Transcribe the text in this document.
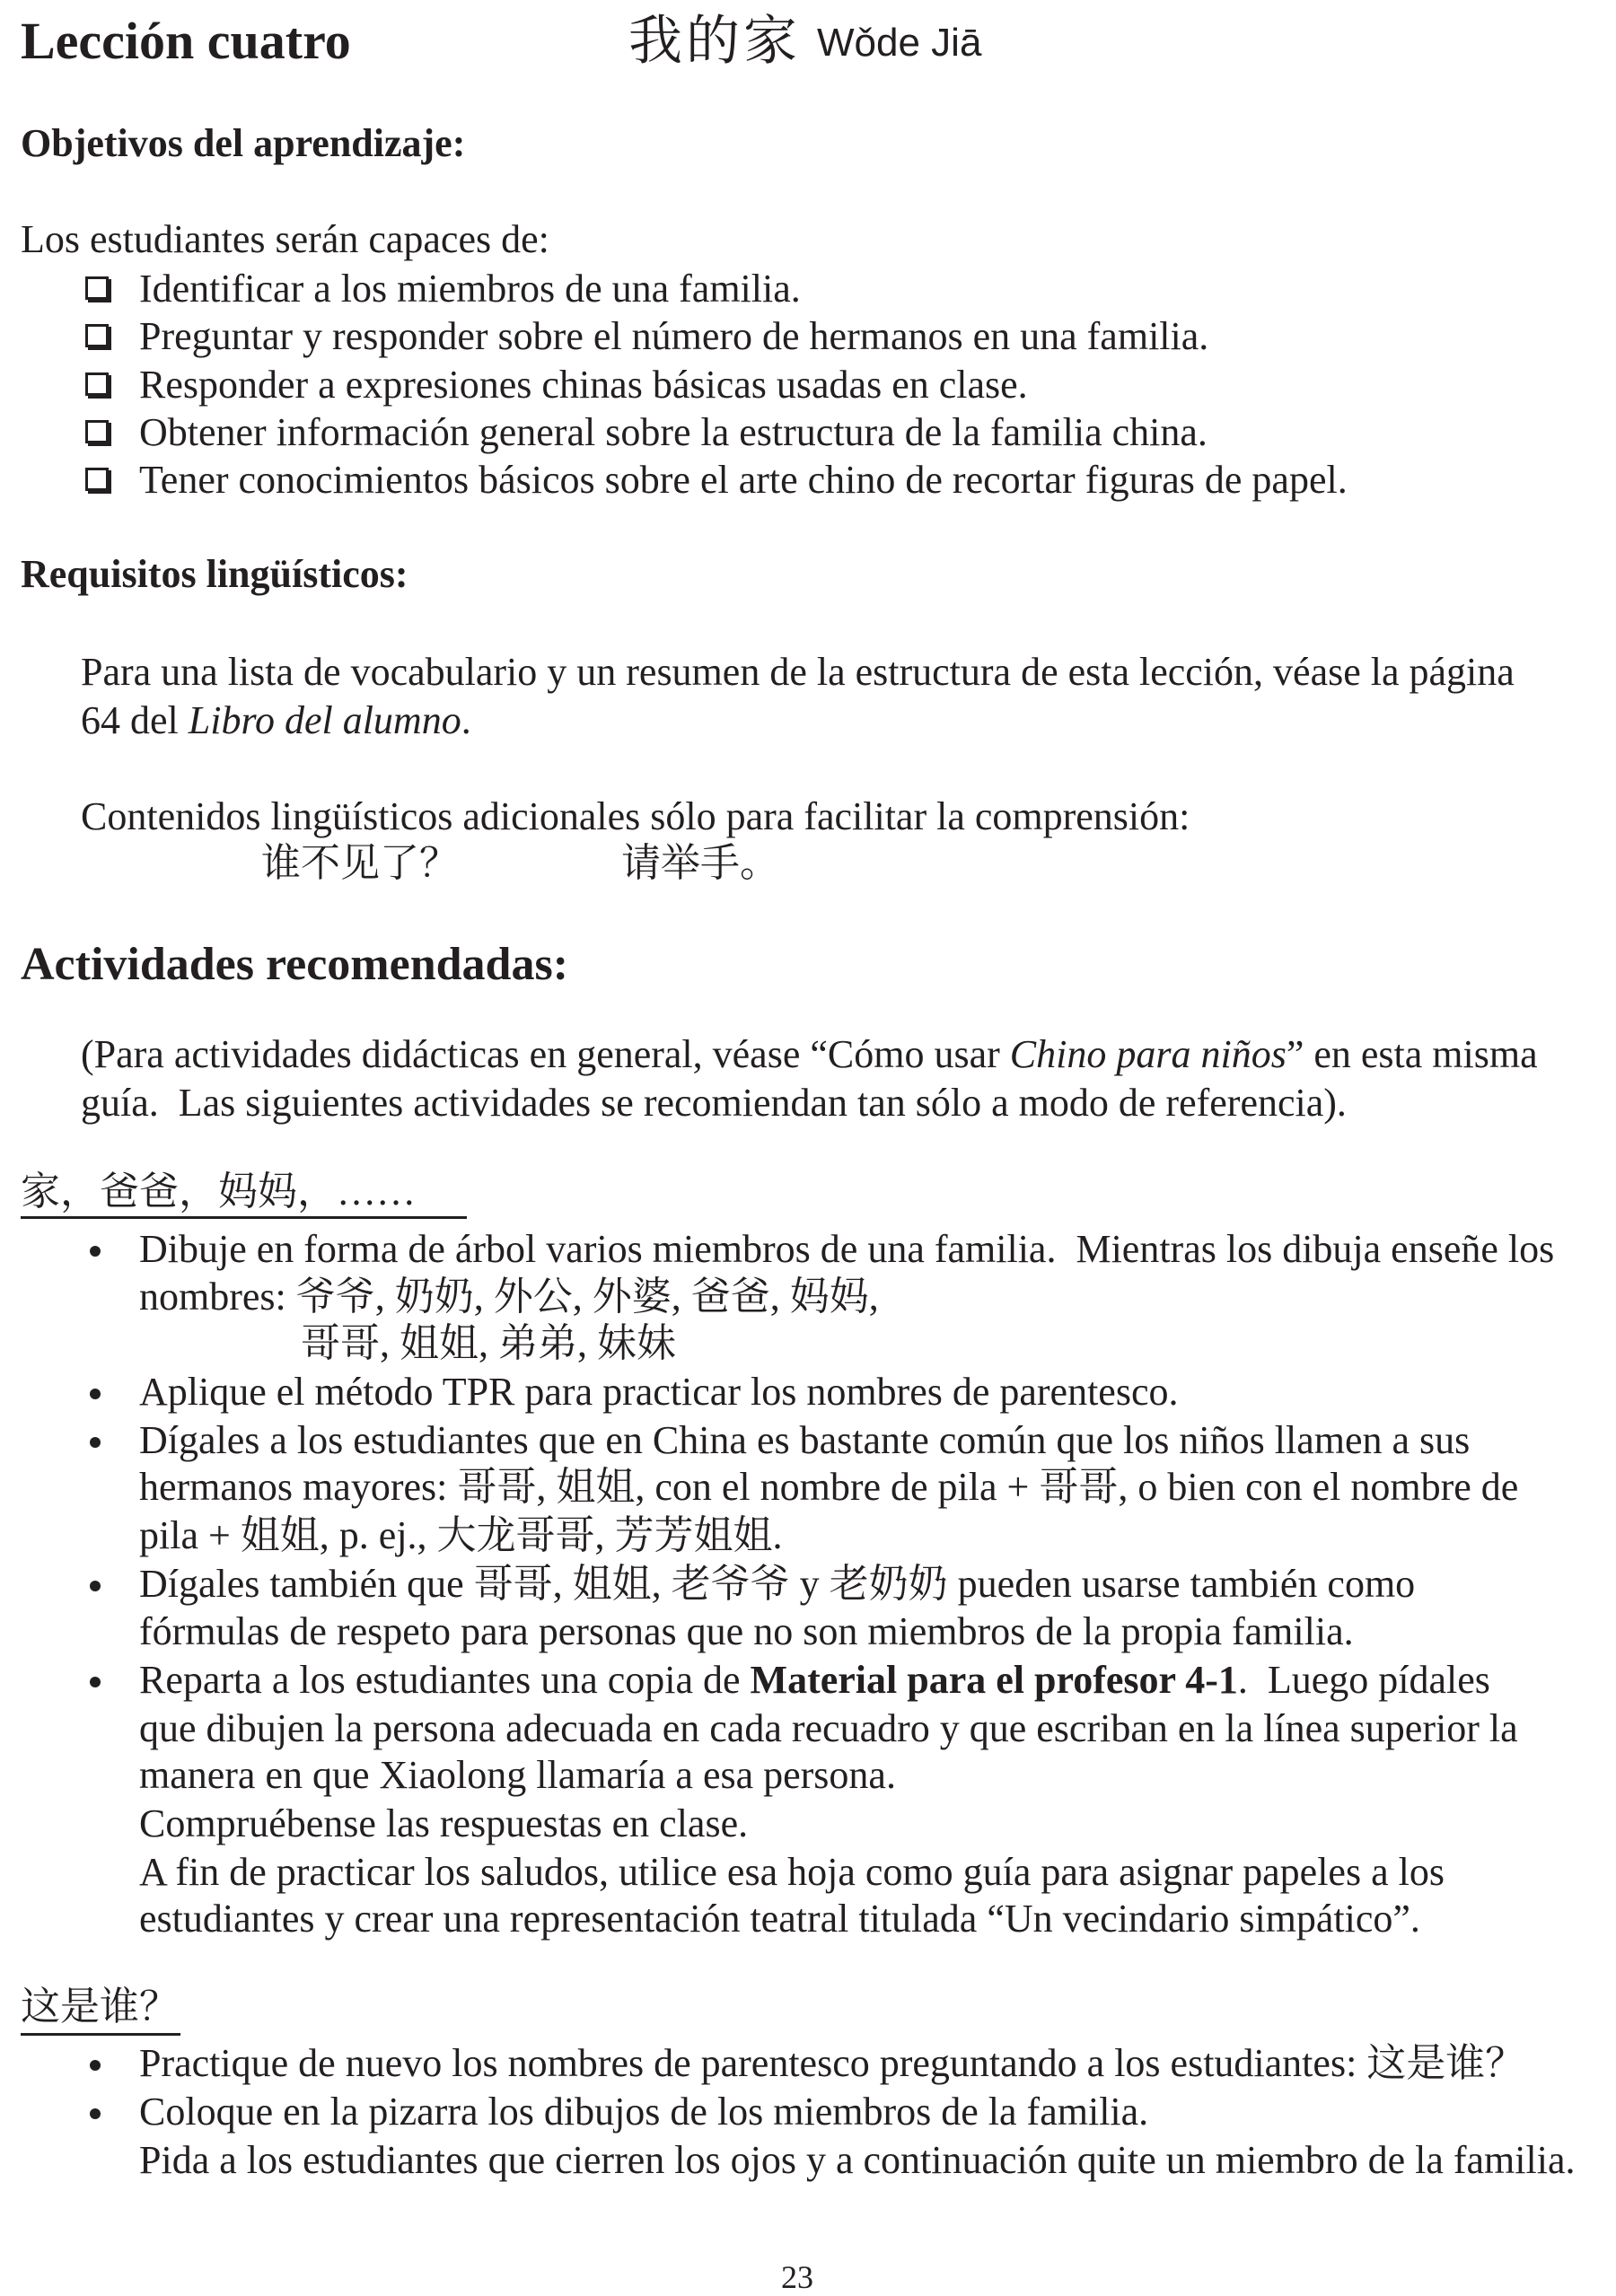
Lección cuatro	我的家 Wǒde Jiā
Objetivos del aprendizaje:
Los estudiantes serán capaces de:
Identificar a los miembros de una familia.
Preguntar y responder sobre el número de hermanos en una familia.
Responder a expresiones chinas básicas usadas en clase.
Obtener información general sobre la estructura de la familia china.
Tener conocimientos básicos sobre el arte chino de recortar figuras de papel.
Requisitos lingüísticos:
Para una lista de vocabulario y un resumen de la estructura de esta lección, véase la página
64 del Libro del alumno.
Contenidos lingüísticos adicionales sólo para facilitar la comprensión:
谁不见了？	请举手。
Actividades recomendadas:
(Para actividades didácticas en general, véase “Cómo usar Chino para niños” en esta misma
guía.  Las siguientes actividades se recomiendan tan sólo a modo de referencia).
家，爸爸，妈妈，……
Dibuje en forma de árbol varios miembros de una familia.  Mientras los dibuja enseñe los
nombres: 爷爷, 奶奶, 外公, 外婆, 爸爸, 妈妈,
哥哥, 姐姐, 弟弟, 妹妹
Aplique el método TPR para practicar los nombres de parentesco.
Dígales a los estudiantes que en China es bastante común que los niños llamen a sus
hermanos mayores: 哥哥, 姐姐, con el nombre de pila + 哥哥, o bien con el nombre de
pila + 姐姐, p. ej., 大龙哥哥, 芳芳姐姐.
Dígales también que 哥哥, 姐姐, 老爷爷 y 老奶奶 pueden usarse también como
fórmulas de respeto para personas que no son miembros de la propia familia.
Reparta a los estudiantes una copia de Material para el profesor 4-1.  Luego pídales
que dibujen la persona adecuada en cada recuadro y que escriban en la línea superior la
manera en que Xiaolong llamaría a esa persona.
Compruébense las respuestas en clase.
A fin de practicar los saludos, utilice esa hoja como guía para asignar papeles a los
estudiantes y crear una representación teatral titulada “Un vecindario simpático”.
这是谁？
Practique de nuevo los nombres de parentesco preguntando a los estudiantes: 这是谁？
Coloque en la pizarra los dibujos de los miembros de la familia.
Pida a los estudiantes que cierren los ojos y a continuación quite un miembro de la familia.
23
